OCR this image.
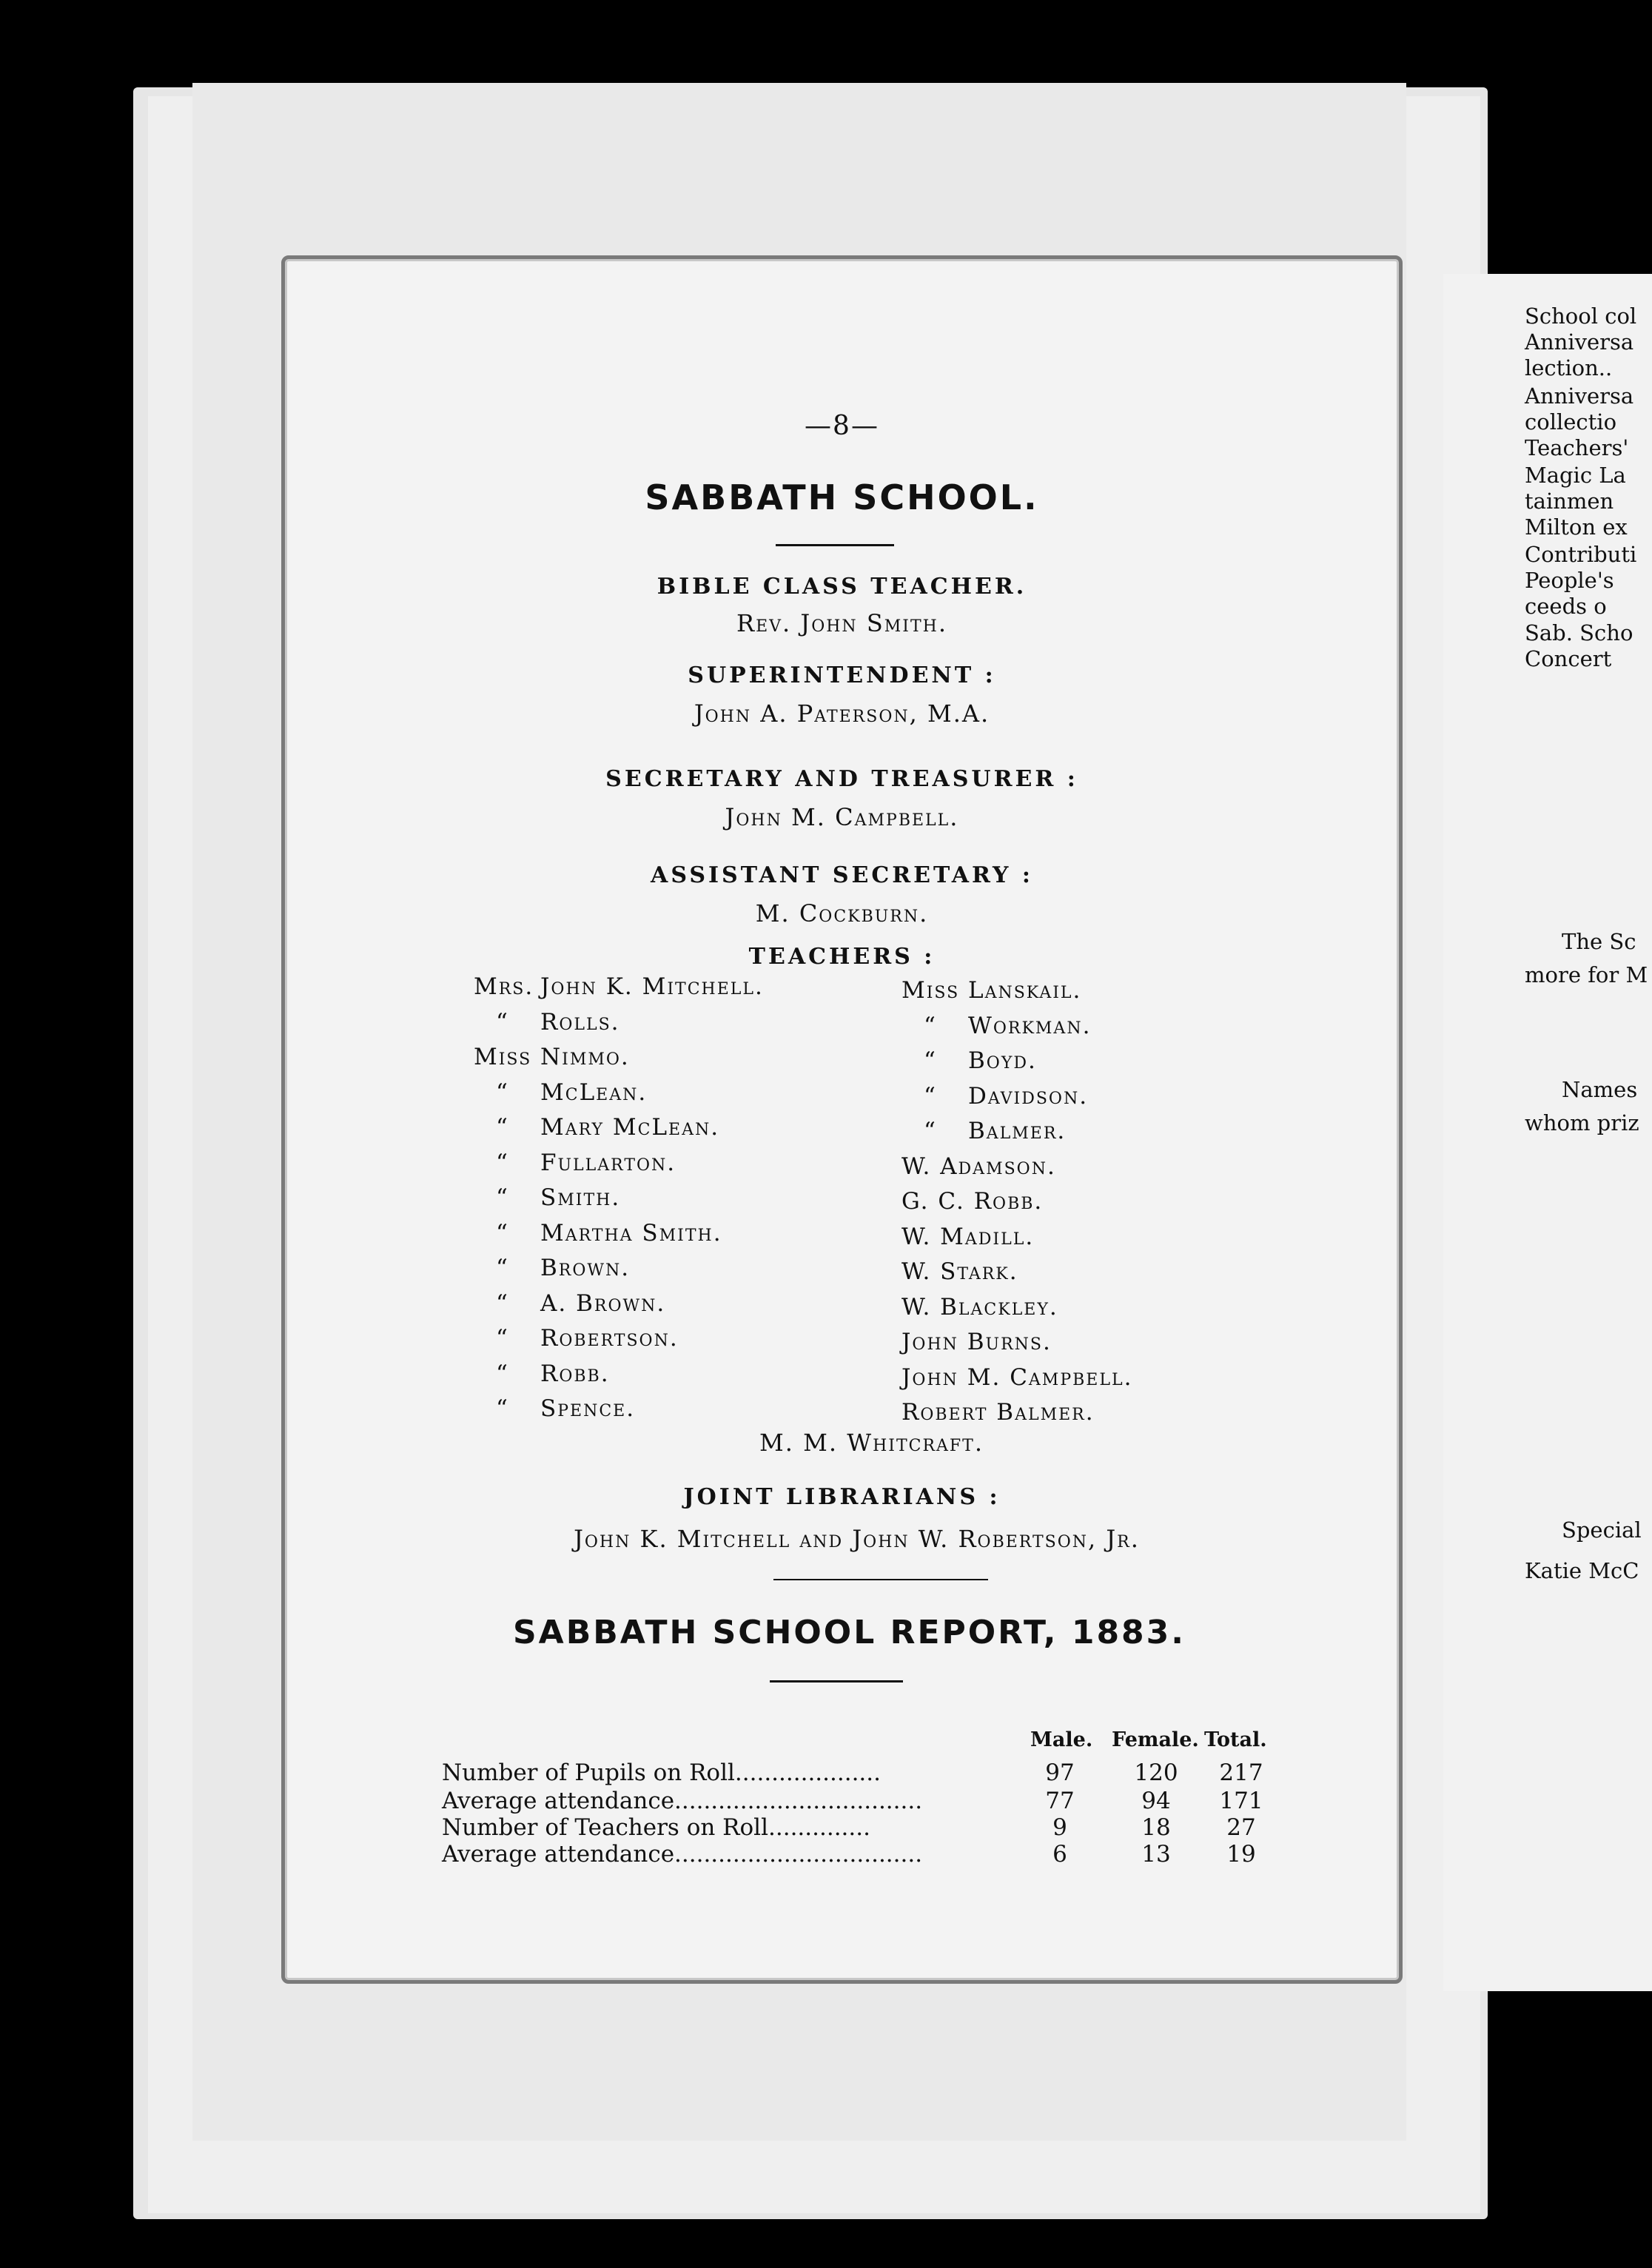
—8—
SABBATH SCHOOL.
BIBLE CLASS TEACHER.
Rev. John Smith.
SUPERINTENDENT :
John A. Paterson, M.A.
SECRETARY AND TREASURER :
John M. Campbell.
ASSISTANT SECRETARY :
M. Cockburn.
TEACHERS :
Mrs. John K. Mitchell.
“ Rolls.
Miss Nimmo.
“ McLean.
“ Mary McLean.
“ Fullarton.
“ Smith.
“ Martha Smith.
“ Brown.
“ A. Brown.
“ Robertson.
“ Robb.
“ Spence.
Miss Lanskail.
“ Workman.
“ Boyd.
“ Davidson.
“ Balmer.
W. Adamson.
G. C. Robb.
W. Madill.
W. Stark.
W. Blackley.
John Burns.
John M. Campbell.
Robert Balmer.
M. M. Whitcraft.
JOINT LIBRARIANS :
John K. Mitchell and John W. Robertson, Jr.
SABBATH SCHOOL REPORT, 1883.
Male. Female. Total.
Number of Pupils on Roll....................	97	120	217
Average attendance..................................	77	94	171
Number of Teachers on Roll..............	9	18	27
Average attendance..................................	6	13	19
School col
Anniversa
lection..
Anniversa
collectio
Teachers'
Magic La
tainmen
Milton ex
Contributi
People's
ceeds o
Sab. Scho
Concert
The Sc
more for M
Names
whom priz
Special
Katie McC
